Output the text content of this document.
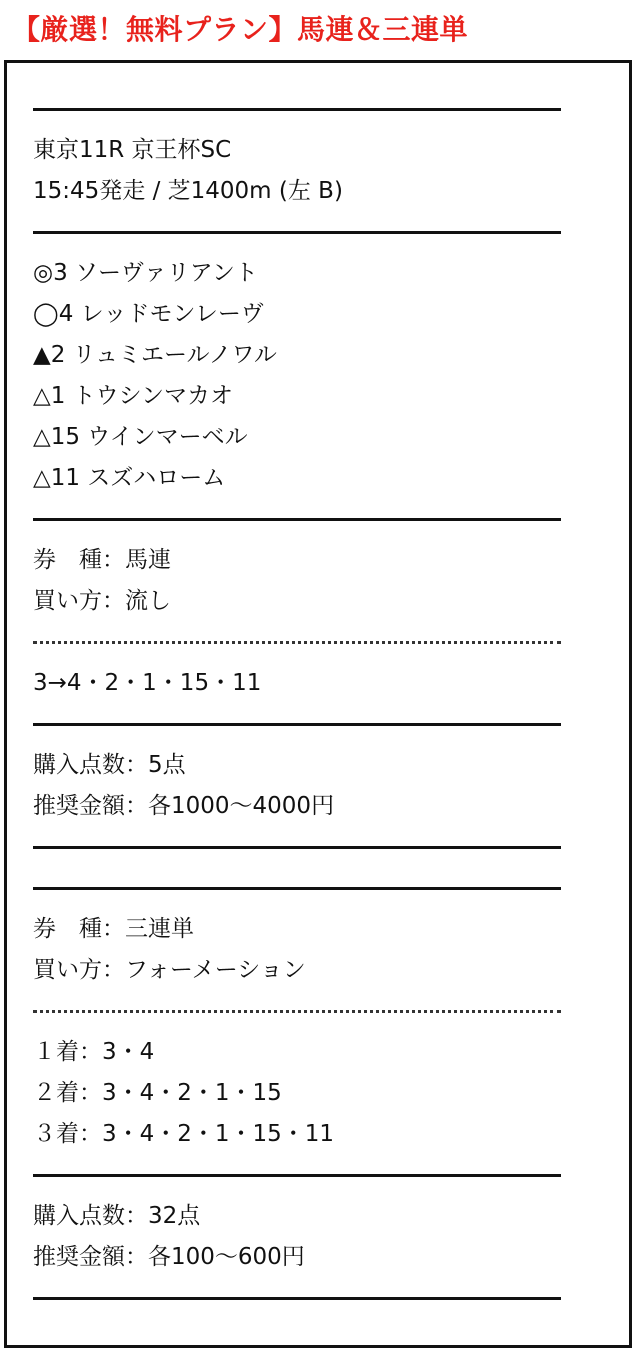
【厳選！無料プラン】馬連＆三連単
東京11R 京王杯SC
15:45発走 / 芝1400m (左 B)
◎3 ソーヴァリアント
◯4 レッドモンレーヴ
▲2 リュミエールノワル
△1 トウシンマカオ
△15 ウインマーベル
△11 スズハローム
券　種：馬連
買い方：流し
3→4・2・1・15・11
購入点数：5点
推奨金額：各1000〜4000円
券　種：三連単
買い方：フォーメーション
１着：3・4
２着：3・4・2・1・15
３着：3・4・2・1・15・11
購入点数：32点
推奨金額：各100〜600円
